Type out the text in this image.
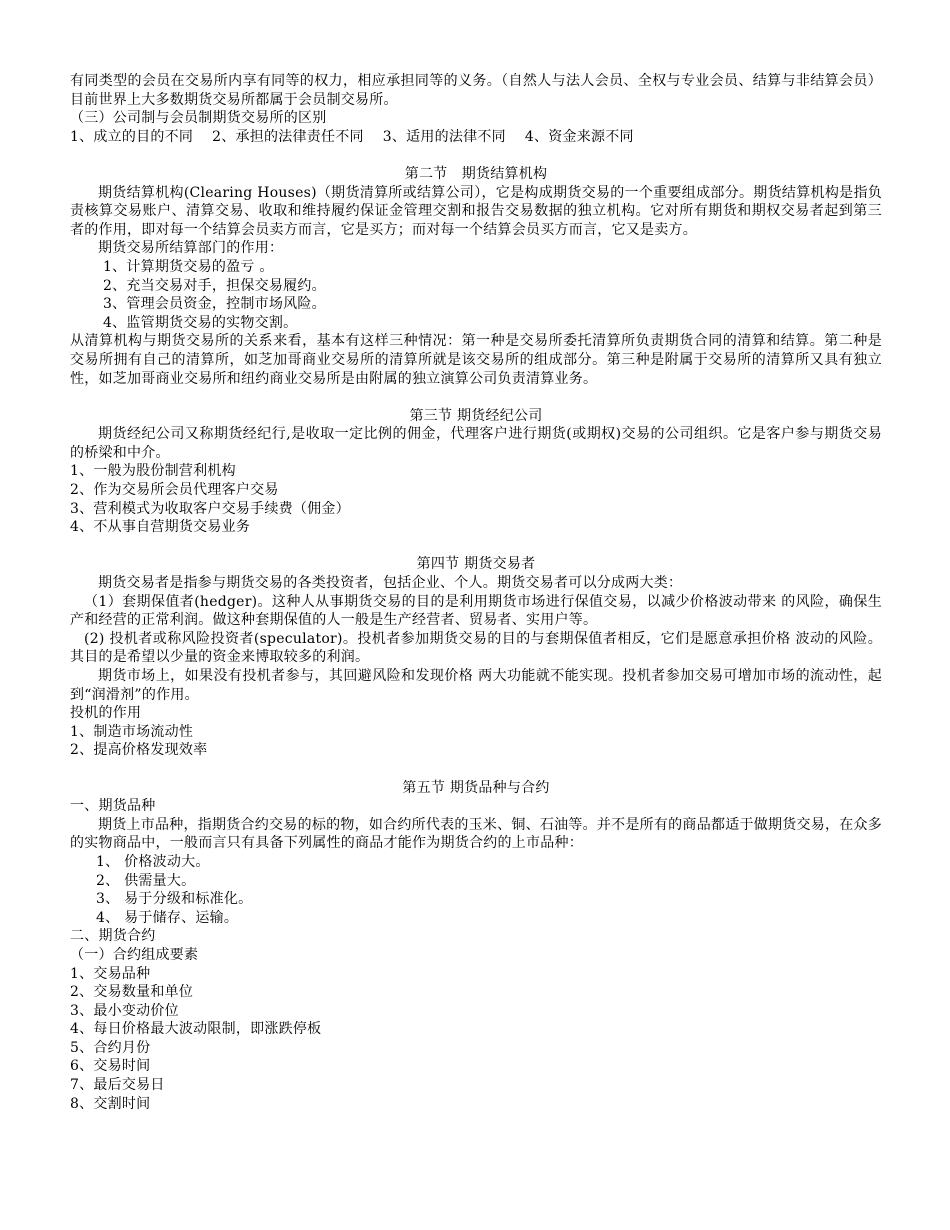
有同类型的会员在交易所内享有同等的权力，相应承担同等的义务。（自然人与法人会员、全权与专业会员、结算与非结算会员）目前世界上大多数期货交易所都属于会员制交易所。

（三）公司制与会员制期货交易所的区别

1、成立的目的不同　 2、承担的法律责任不同　 3、适用的法律不同　 4、资金来源不同

第二节　期货结算机构

期货结算机构(Clearing Houses)（期货清算所或结算公司），它是构成期货交易的一个重要组成部分。期货结算机构是指负责核算交易账户、清算交易、收取和维持履约保证金管理交割和报告交易数据的独立机构。它对所有期货和期权交易者起到第三者的作用，即对每一个结算会员卖方而言，它是买方；而对每一个结算会员买方而言，它又是卖方。

期货交易所结算部门的作用：

1、计算期货交易的盈亏 。

2、充当交易对手，担保交易履约。

3、管理会员资金，控制市场风险。

4、监管期货交易的实物交割。

从清算机构与期货交易所的关系来看，基本有这样三种情况：第一种是交易所委托清算所负责期货合同的清算和结算。第二种是交易所拥有自己的清算所，如芝加哥商业交易所的清算所就是该交易所的组成部分。第三种是附属于交易所的清算所又具有独立性，如芝加哥商业交易所和纽约商业交易所是由附属的独立演算公司负责清算业务。

第三节 期货经纪公司

期货经纪公司又称期货经纪行,是收取一定比例的佣金，代理客户进行期货(或期权)交易的公司组织。它是客户参与期货交易的桥梁和中介。

1、一般为股份制营利机构

2、作为交易所会员代理客户交易

3、营利模式为收取客户交易手续费（佣金）

4、不从事自营期货交易业务

第四节 期货交易者

期货交易者是指参与期货交易的各类投资者，包括企业、个人。期货交易者可以分成两大类：

（1）套期保值者(hedger)。这种人从事期货交易的目的是利用期货市场进行保值交易，以减少价格波动带来 的风险，确保生产和经营的正常利润。做这种套期保值的人一般是生产经营者、贸易者、实用户等。

(2) 投机者或称风险投资者(speculator)。投机者参加期货交易的目的与套期保值者相反，它们是愿意承担价格 波动的风险。其目的是希望以少量的资金来博取较多的利润。

期货市场上，如果没有投机者参与，其回避风险和发现价格 两大功能就不能实现。投机者参加交易可增加市场的流动性，起到“润滑剂”的作用。

投机的作用

1、制造市场流动性

2、提高价格发现效率

第五节 期货品种与合约

一、期货品种

期货上市品种，指期货合约交易的标的物，如合约所代表的玉米、铜、石油等。并不是所有的商品都适于做期货交易，在众多的实物商品中，一般而言只有具备下列属性的商品才能作为期货合约的上市品种：

1、 价格波动大。

2、 供需量大。

3、 易于分级和标准化。

4、 易于储存、运输。

二、期货合约

（一）合约组成要素

1、交易品种

2、交易数量和单位

3、最小变动价位

4、每日价格最大波动限制，即涨跌停板

5、合约月份

6、交易时间

7、最后交易日

8、交割时间
